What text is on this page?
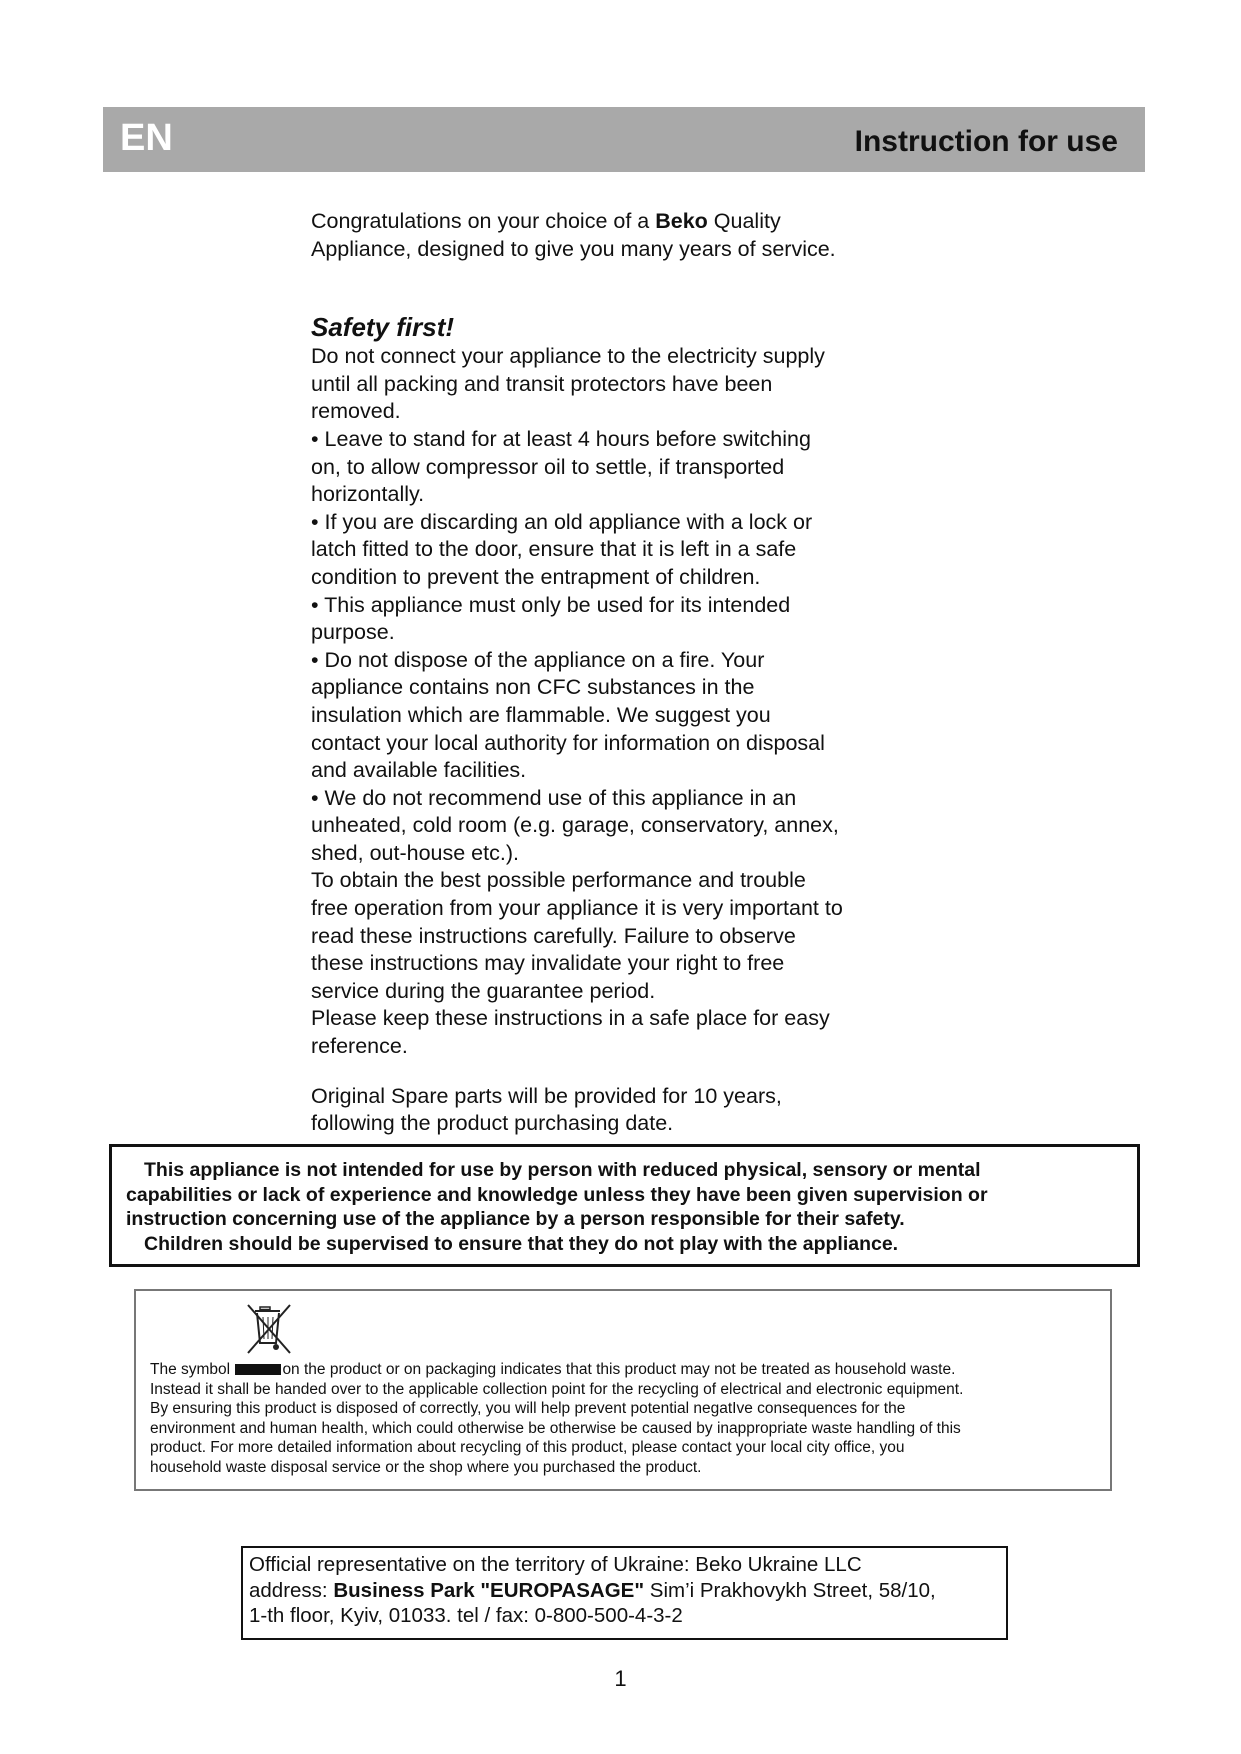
EN	Instruction for use

Congratulations on your choice of a Beko Quality
Appliance, designed to give you many years of service.

Safety first!

Do not connect your appliance to the electricity supply
until all packing and transit protectors have been
removed.

• Leave to stand for at least 4 hours before switching
on, to allow compressor oil to settle, if transported
horizontally.

• If you are discarding an old appliance with a lock or
latch fitted to the door, ensure that it is left in a safe
condition to prevent the entrapment of children.

• This appliance must only be used for its intended
purpose.

• Do not dispose of the appliance on a fire. Your
appliance contains non CFC substances in the
insulation which are flammable. We suggest you
contact your local authority for information on disposal
and available facilities.

• We do not recommend use of this appliance in an
unheated, cold room (e.g. garage, conservatory, annex,
shed, out-house etc.).

To obtain the best possible performance and trouble
free operation from your appliance it is very important to
read these instructions carefully. Failure to observe
these instructions may invalidate your right to free
service during the guarantee period.

Please keep these instructions in a safe place for easy
reference.

Original Spare parts will be provided for 10 years,
following the product purchasing date.

This appliance is not intended for use by person with reduced physical, sensory or mental

capabilities or lack of experience and knowledge unless they have been given supervision or

instruction concerning use of the appliance by a person responsible for their safety.

Children should be supervised to ensure that they do not play with the appliance.

The symbol	on the product or on packaging indicates that this product may not be treated as household waste.
Instead it shall be handed over to the applicable collection point for the recycling of electrical and electronic equipment.
By ensuring this product is disposed of correctly, you will help prevent potential negatIve consequences for the
environment and human health, which could otherwise be otherwise be caused by inappropriate waste handling of this
product. For more detailed information about recycling of this product, please contact your local city office, you
household waste disposal service or the shop where you purchased the product.

Official representative on the territory of Ukraine: Beko Ukraine LLC

address: Business Park "EUROPASAGE" Sim’i Prakhovykh Street, 58/10,

1-th floor, Kyiv, 01033. tel / fax: 0-800-500-4-3-2

1
